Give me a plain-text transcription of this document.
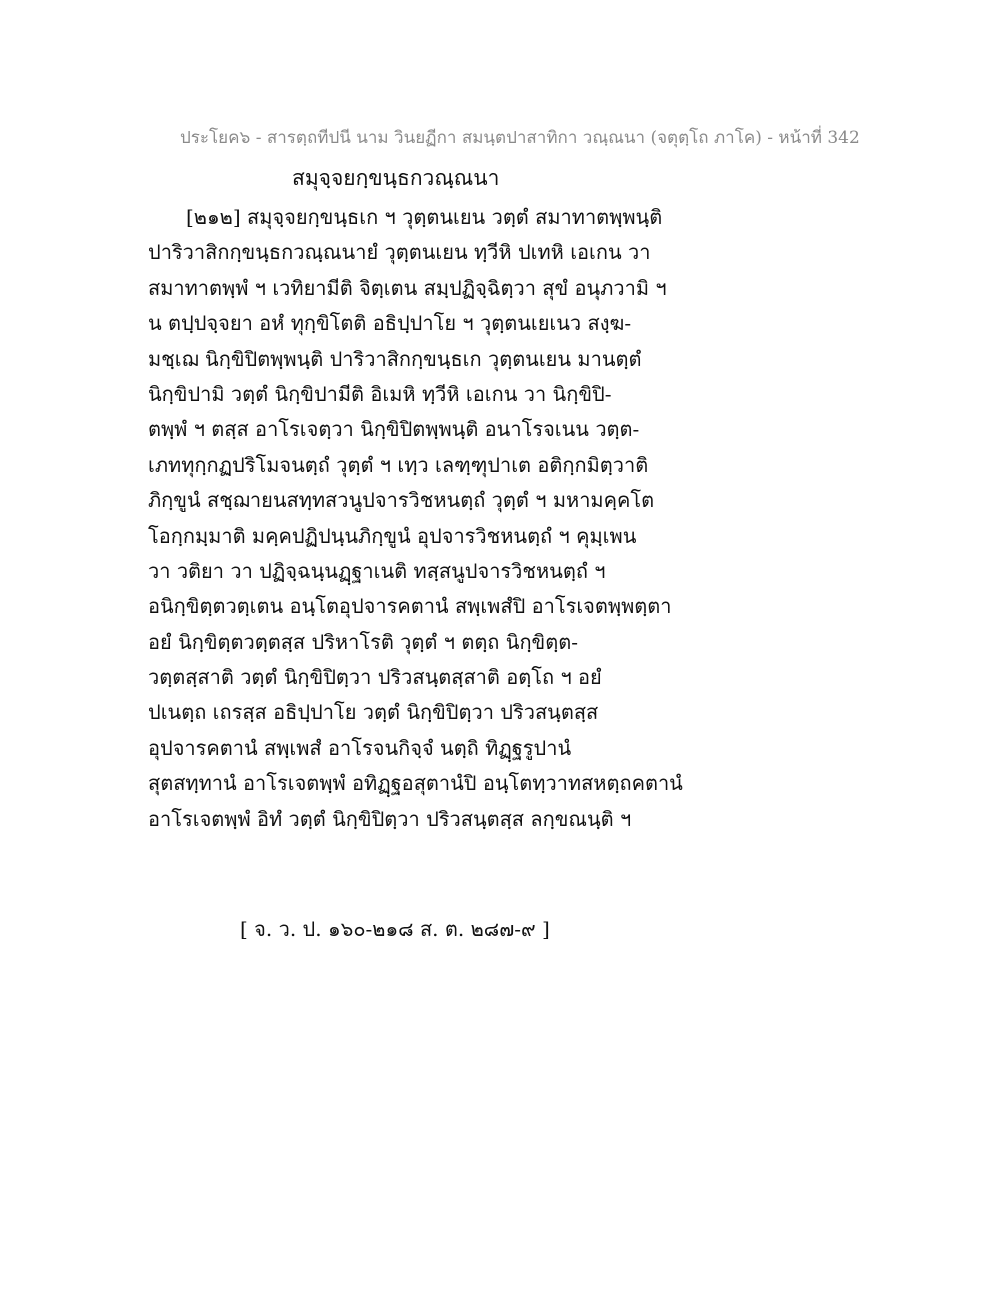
ประโยค๖ - สารตฺถทีปนี นาม วินยฏีกา สมนฺตปาสาทิกา วณฺณนา (จตุตฺโถ ภาโค) - หน้าที่ 342
สมุจฺจยกฺขนฺธกวณฺณนา
[๒๑๒] สมุจฺจยกฺขนฺธเก ฯ วุตฺตนเยน วตฺตํ สมาทาตพฺพนฺติ
ปาริวาสิกกฺขนฺธกวณฺณนายํ วุตฺตนเยน ทฺวีหิ ปเทหิ เอเกน วา
สมาทาตพฺพํ ฯ เวทิยามีติ จิตฺเตน สมฺปฏิจฺฉิตฺวา สุขํ อนุภวามิ ฯ
น ตปฺปจฺจยา อหํ ทุกฺขิโตติ อธิปฺปาโย ฯ วุตฺตนเยเนว สงฺฆ-
มชฺเฌ นิกฺขิปิตพฺพนฺติ ปาริวาสิกกฺขนฺธเก วุตฺตนเยน มานตฺตํ
นิกฺขิปามิ วตฺตํ นิกฺขิปามีติ อิเมหิ ทฺวีหิ เอเกน วา นิกฺขิปิ-
ตพฺพํ ฯ ตสฺส อาโรเจตฺวา นิกฺขิปิตพฺพนฺติ อนาโรจเนน วตฺต-
เภททุกฺกฏปริโมจนตฺถํ วุตฺตํ ฯ เทฺว เลฑฺฑุปาเต อติกฺกมิตฺวาติ
ภิกฺขูนํ สชฺฌายนสทฺทสวนูปจารวิชหนตฺถํ วุตฺตํ ฯ มหามคฺคโต
โอกฺกมฺมาติ มคฺคปฏิปนฺนภิกฺขูนํ อุปจารวิชหนตฺถํ ฯ คุมฺเพน
วา วติยา วา ปฏิจฺฉนฺนฏฺฐาเนติ ทสฺสนูปจารวิชหนตฺถํ ฯ
อนิกฺขิตฺตวตฺเตน อนฺโตอุปจารคตานํ สพฺเพสํปิ อาโรเจตพฺพตฺตา
อยํ นิกฺขิตฺตวตฺตสฺส ปริหาโรติ วุตฺตํ ฯ ตตฺถ นิกฺขิตฺต-
วตฺตสฺสาติ วตฺตํ นิกฺขิปิตฺวา ปริวสนฺตสฺสาติ อตฺโถ ฯ อยํ
ปเนตฺถ เถรสฺส อธิปฺปาโย วตฺตํ นิกฺขิปิตฺวา ปริวสนฺตสฺส
อุปจารคตานํ สพฺเพสํ อาโรจนกิจฺจํ นตฺถิ ทิฏฺฐรูปานํ
สุตสทฺทานํ อาโรเจตพฺพํ อทิฏฺฐอสุตานํปิ อนฺโตทฺวาทสหตฺถคตานํ
อาโรเจตพฺพํ อิทํ วตฺตํ นิกฺขิปิตฺวา ปริวสนฺตสฺส ลกฺขณนฺติ ฯ
[ จ. ว. ป. ๑๖๐-๒๑๘ ส. ต. ๒๘๗-๙ ]
